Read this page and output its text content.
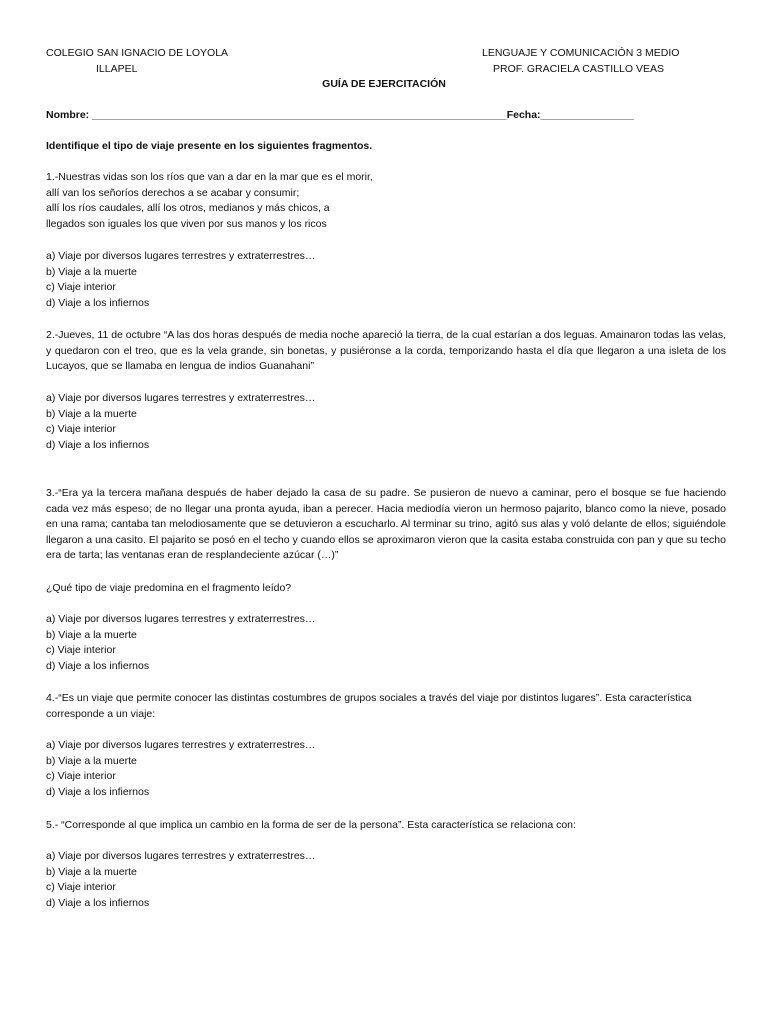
COLEGIO SAN IGNACIO DE LOYOLA
ILLAPEL
LENGUAJE Y COMUNICACIÓN 3 MEDIO
PROF. GRACIELA CASTILLO VEAS
GUÍA DE EJERCITACIÓN
Nombre: _______________________________________________________________________Fecha:________________
Identifique el tipo de viaje presente en los siguientes fragmentos.
1.-Nuestras vidas son los ríos que van a dar en la mar que es el morir,
allí van los señoríos derechos a se acabar y consumir;
allí los ríos caudales, allí los otros, medianos y más chicos, a
llegados son iguales los que viven por sus manos y los ricos
a) Viaje por diversos lugares terrestres y extraterrestres…
b) Viaje a la muerte
c) Viaje interior
d) Viaje a los infiernos
2.-Jueves, 11 de octubre “A las dos horas después de media noche apareció la tierra, de la cual estarían a dos leguas. Amainaron todas las velas, y quedaron con el treo, que es la vela grande, sin bonetas, y pusiéronse a la corda, temporizando hasta el día que llegaron a una isleta de los Lucayos, que se llamaba en lengua de indios Guanahani”
a) Viaje por diversos lugares terrestres y extraterrestres…
b) Viaje a la muerte
c) Viaje interior
d) Viaje a los infiernos
3.-“Era ya la tercera mañana después de haber dejado la casa de su padre. Se pusieron de nuevo a caminar, pero el bosque se fue haciendo cada vez más espeso; de no llegar una pronta ayuda, iban a perecer. Hacia mediodía vieron un hermoso pajarito, blanco como la nieve, posado en una rama; cantaba tan melodiosamente que se detuvieron a escucharlo. Al terminar su trino, agitó sus alas y voló delante de ellos; siguiéndole llegaron a una casito. El pajarito se posó en el techo y cuando ellos se aproximaron vieron que la casita estaba construida con pan y que su techo era de tarta; las ventanas eran de resplandeciente azúcar (…)”
¿Qué tipo de viaje predomina en el fragmento leído?
a) Viaje por diversos lugares terrestres y extraterrestres…
b) Viaje a la muerte
c) Viaje interior
d) Viaje a los infiernos
4.-“Es un viaje que permite conocer las distintas costumbres de grupos sociales a través del viaje por distintos lugares”. Esta característica corresponde a un viaje:
a) Viaje por diversos lugares terrestres y extraterrestres…
b) Viaje a la muerte
c) Viaje interior
d) Viaje a los infiernos
5.- “Corresponde al que implica un cambio en la forma de ser de la persona”. Esta característica se relaciona con:
a) Viaje por diversos lugares terrestres y extraterrestres…
b) Viaje a la muerte
c) Viaje interior
d) Viaje a los infiernos
